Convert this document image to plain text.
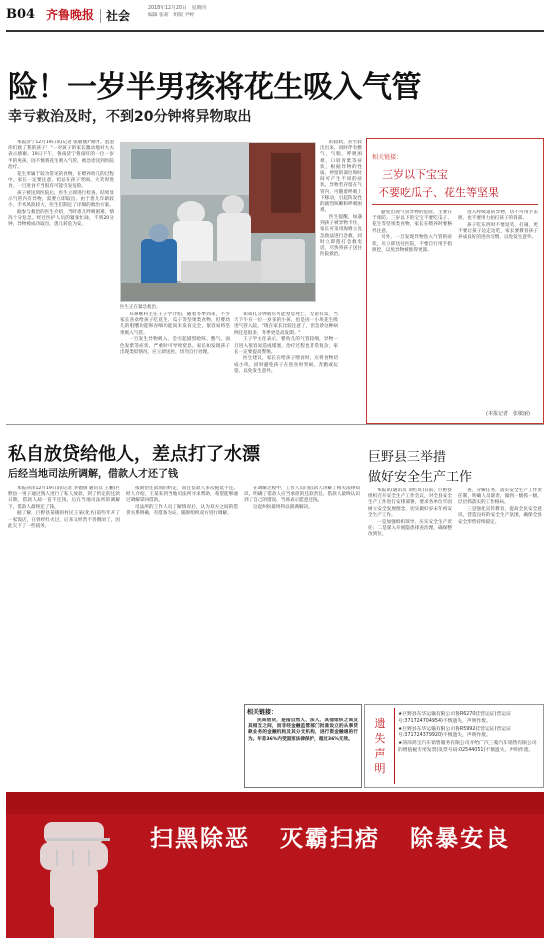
B04 齐鲁晚报 社会
2018年12月20日　星期四
编辑 张莉　组版 尹婷
险！一岁半男孩将花生吸入气管
幸亏救治及时，不到20分钟将异物取出

本报济宁12月19日讯(记者 张敏丽)"刚才，泡泡你们救了我的孩子！"一对孩子的家长激动地对大夫表示感谢。19日下午，鲁南济宁鲁南旺的一位一岁半的男孩，因不慎将花生吸入气管，被急诊送到医院治疗。

花生米属于较为常见的食物，在喂养幼儿的过程中，家长一定要注意，切忌在孩子哭闹、大笑时进食，一旦进食不当很有可能引发危险。

孩子被送到医院后，医生立即进行检查，结果显示气管内有异物，需要立即取出。由于患儿年龄较小，手术风险较大，医生们制定了详细的救治方案。

据参与救治的医生介绍，当时患儿呼吸困难，情况十分危急。经过医护人员的紧张忙碌，不到20分钟，异物被成功取出，患儿转危为安。

医生正在紧急救治。

耳鼻喉科主任王子学介绍，随着冬季到来，不少家长喜欢给孩子吃花生、瓜子等坚果类食物，但婴幼儿的咀嚼功能和吞咽功能尚未发育完全，很容易将坚果吸入气管。

一旦发生异物吸入，会引起剧烈呛咳、憋气、面色发紫等症状，严重时可导致窒息。家长如发现孩子出现类似情况，应立即送医，切勿自行处理。

知知孔分钟就有可能窒息死亡，无论有需，当天下午在一位一岁多的小孩，也是因一小块花生吸进气管入院。"现在家长比较注意了，但急诊这种病例还是很多，冬季更是高发期。"

王子学主任表示，婴幼儿的气管较细，异物一旦进入很容易造成堵塞，治疗过程也非常复杂，家长一定要提高警惕。

医生建议，家长在给孩子喂食时，应将食物切成小块，同时避免孩子在进食时哭闹、奔跑或玩耍，以免发生意外。

的较软，甚至较出出来，同时伴有憋气、气喘，呼吸困难，口唇青紫等症状，根据异物的性质、停留的部位和时间可产生不同的症状。异物若存留在气管内，可随着呼吸上下移动，引起阵发性的剧烈咳嗽和呼吸困难。

医生提醒，如遇到孩子被异物卡住，家长可采用海姆立克急救法进行急救，同时立即拨打急救电话，尽快将孩子送往医院救治。

相关链接：
三岁以下宝宝
不要吃瓜子、花生等坚果

避免出现气管异物的危险，主要在于预防，三岁以下的宝宝不要吃瓜子、花生等坚果类食物，家长在喂养时要格外注意。

另外，一旦发现异物进入气管的症状，应立即送往医院，不要自行用手指抠挖，以免异物被推得更深。

进入呼吸道的异物，切不可用手去抠，也不要用力拍打孩子的背部。

孩子吃东西时不要逗笑、打闹，更不要让孩子边走边吃，家长要教育孩子养成良好的进食习惯，以免发生意外。

(本报记者　张敏丽)
私自放贷给他人，差点打了水漂
后经当地司法所调解，借款人才还了钱

本报菏泽12月19日讯(记者 李德锦 通讯员 王鹏)巨野县一男子通过熟人进行了私人放款，到了约定的还款日期，借款人却一直不还钱，后在当地司法所的调解下，借款人最终还了钱。

据了解，巨野县某镇的村民王某(化名)前些年开了一家饭店，在曾经红火过，后来又经营不善倒闭了，因此欠下了一些债务。

按期偿还款项的约定，而且借款人多次拖延不还。经人介绍，王某来到当地司法所寻求帮助，希望能够通过调解拿回借款。

司法所的工作人员了解情况后，认为双方之间的借贷关系明确，有借条为证，随即组织双方进行调解。

在调解过程中，工作人员向借款人讲解了相关法律知识，明确了借款人应当承担的还款责任，借款人最终认识到了自己的错误，当场表示愿意还钱。

这起纠纷最终得以圆满解决。

相关链接：

民间借贷，是指自然人、法人、其他组织之间及其相互之间，而非经金融监管部门批准设立的从事贷款业务的金融机构及其分支机构，进行资金融通的行为。年息36%内受国家法律保护，超过36%无效。

巨野县三举措
做好安全生产工作

本报讯(通讯员 刘红旺)日前，巨野县组织召开安全生产工作会议，对全县安全生产工作进行安排部署，要求各单位牢固树立安全发展理念，切实做好岁末年初安全生产工作。

一是加强组织领导，压实安全生产责任；二是深入开展隐患排查治理，确保整改到位。

查，分解任务，落实安全生产工作责任制，明确人员职责，做到一级抓一级、层层抓落实的工作格局。

三是强化宣传教育，提高全民安全意识，营造良好的安全生产氛围，确保全县安全形势持续稳定。

遗失声明
★巨野县东华运输有限公司鲁R6270挂营运证(营运证号:371724704954)不慎遗失，声明作废。
★巨野县东华运输有限公司鲁R5992挂营运证(营运证号:371724379920)不慎遗失，声明作废。
★菏泽鸿宝汽车销售服务有限公司开给广汽三菱汽车销售有限公司的增值税专用发票(发票号码:02544051)不慎遗失，声明作废。
扫黑除恶 灭霸扫痞 除暴安良
